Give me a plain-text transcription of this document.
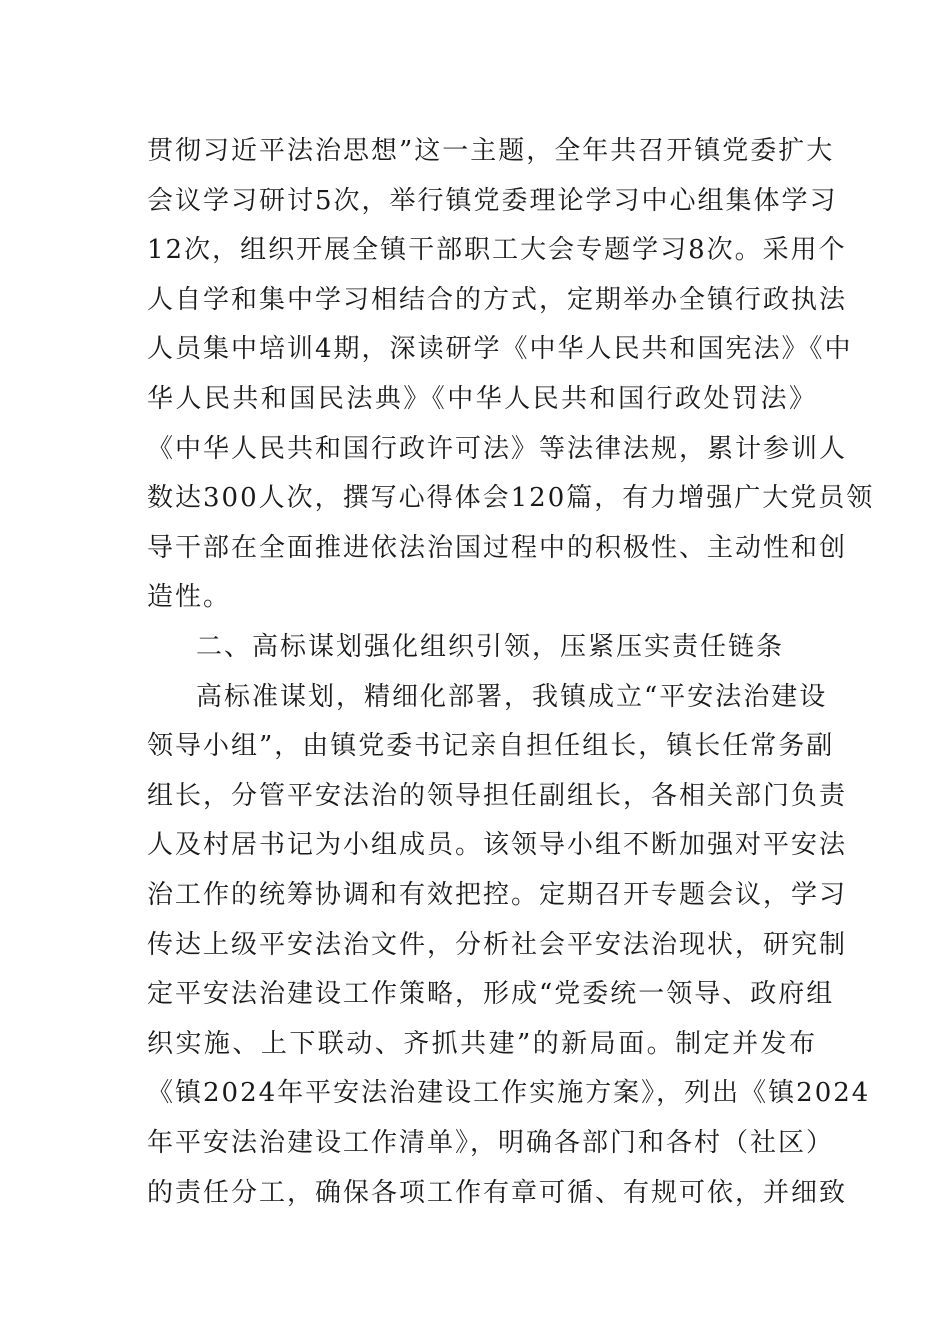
贯彻习近平法治思想”这一主题，全年共召开镇党委扩大
会议学习研讨5次，举行镇党委理论学习中心组集体学习
12次，组织开展全镇干部职工大会专题学习8次。采用个
人自学和集中学习相结合的方式，定期举办全镇行政执法
人员集中培训4期，深读研学《中华人民共和国宪法》《中
华人民共和国民法典》《中华人民共和国行政处罚法》
《中华人民共和国行政许可法》等法律法规，累计参训人
数达300人次，撰写心得体会120篇，有力增强广大党员领
导干部在全面推进依法治国过程中的积极性、主动性和创
造性。
二、高标谋划强化组织引领，压紧压实责任链条
高标准谋划，精细化部署，我镇成立“平安法治建设
领导小组”，由镇党委书记亲自担任组长，镇长任常务副
组长，分管平安法治的领导担任副组长，各相关部门负责
人及村居书记为小组成员。该领导小组不断加强对平安法
治工作的统筹协调和有效把控。定期召开专题会议，学习
传达上级平安法治文件，分析社会平安法治现状，研究制
定平安法治建设工作策略，形成“党委统一领导、政府组
织实施、上下联动、齐抓共建”的新局面。制定并发布
《镇2024年平安法治建设工作实施方案》，列出《镇2024
年平安法治建设工作清单》，明确各部门和各村（社区）
的责任分工，确保各项工作有章可循、有规可依，并细致
